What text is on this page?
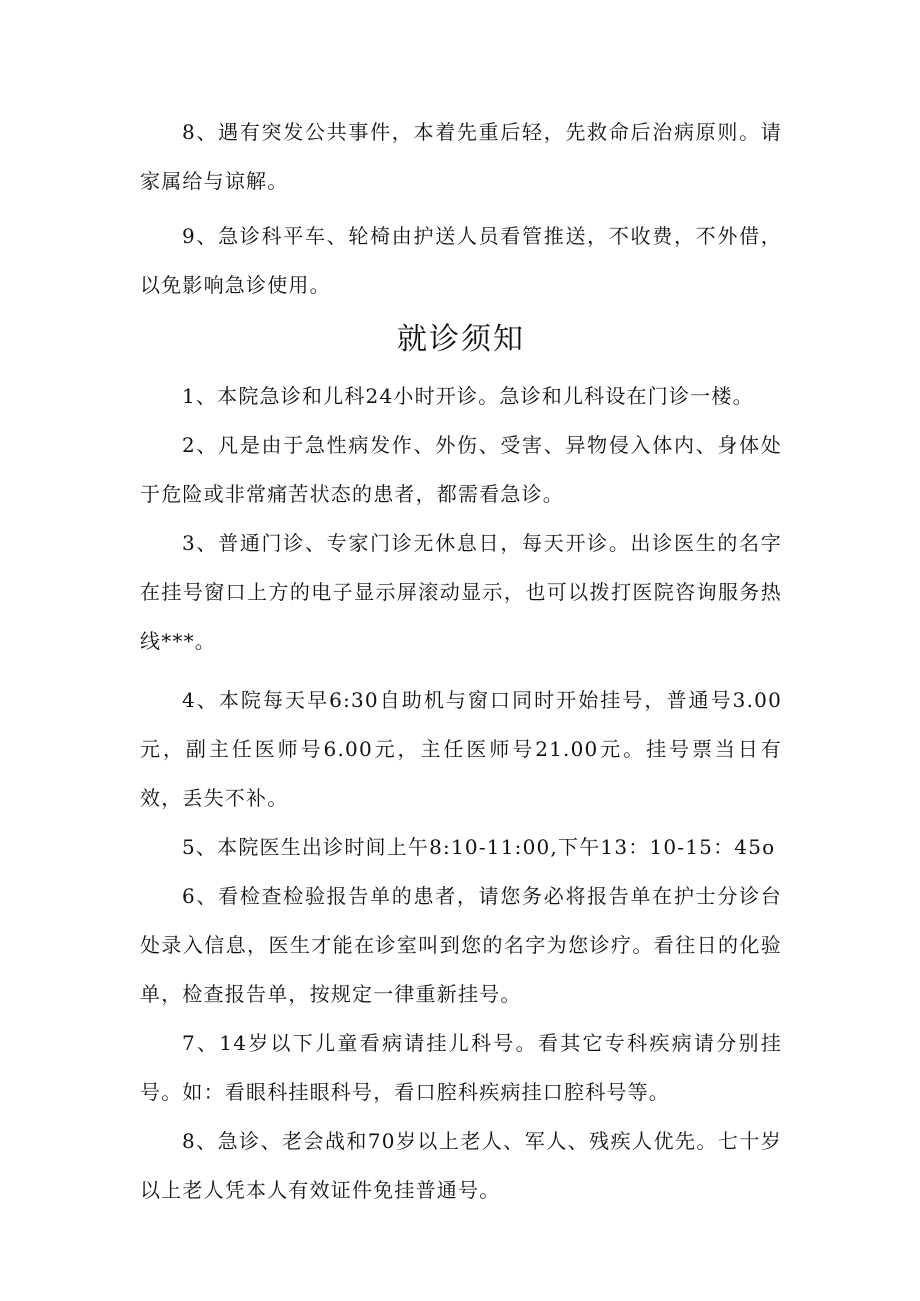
8、遇有突发公共事件，本着先重后轻，先救命后治病原则。请家属给与谅解。

9、急诊科平车、轮椅由护送人员看管推送，不收费，不外借，以免影响急诊使用。

就诊须知

1、本院急诊和儿科24小时开诊。急诊和儿科设在门诊一楼。

2、凡是由于急性病发作、外伤、受害、异物侵入体内、身体处于危险或非常痛苦状态的患者，都需看急诊。

3、普通门诊、专家门诊无休息日，每天开诊。出诊医生的名字在挂号窗口上方的电子显示屏滚动显示，也可以拨打医院咨询服务热线***。

4、本院每天早6:30自助机与窗口同时开始挂号，普通号3.00元，副主任医师号6.00元，主任医师号21.00元。挂号票当日有效，丢失不补。

5、本院医生出诊时间上午8:10-11:00,下午13：10-15：45o

6、看检查检验报告单的患者，请您务必将报告单在护士分诊台处录入信息，医生才能在诊室叫到您的名字为您诊疗。看往日的化验单，检查报告单，按规定一律重新挂号。

7、14岁以下儿童看病请挂儿科号。看其它专科疾病请分别挂号。如：看眼科挂眼科号，看口腔科疾病挂口腔科号等。

8、急诊、老会战和70岁以上老人、军人、残疾人优先。七十岁以上老人凭本人有效证件免挂普通号。
